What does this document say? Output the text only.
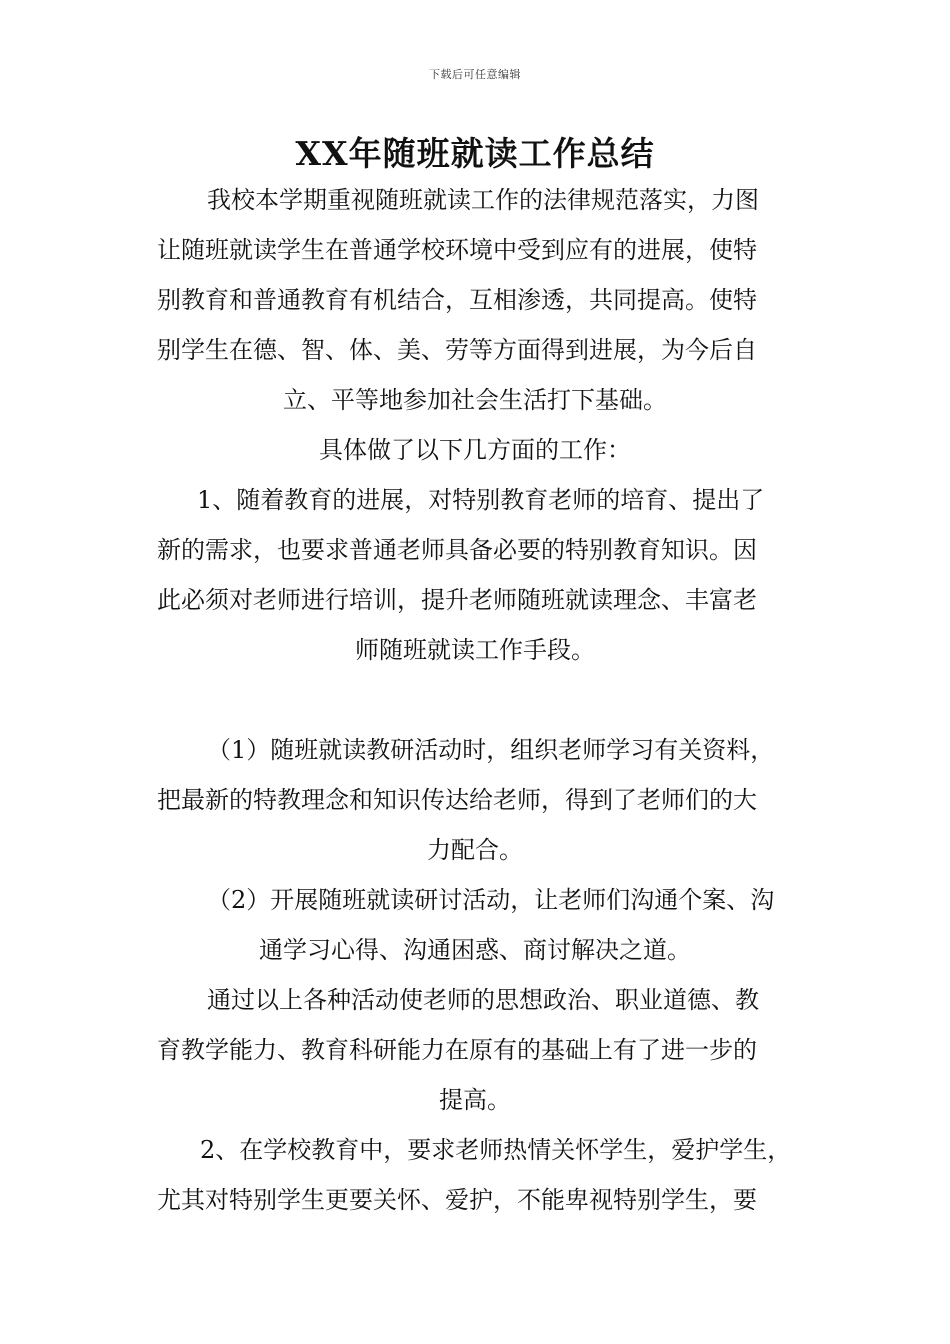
下载后可任意编辑
XX年随班就读工作总结
我校本学期重视随班就读工作的法律规范落实，力图
让随班就读学生在普通学校环境中受到应有的进展，使特
别教育和普通教育有机结合，互相渗透，共同提高。使特
别学生在德、智、体、美、劳等方面得到进展，为今后自
立、平等地参加社会生活打下基础。
具体做了以下几方面的工作：
1、随着教育的进展，对特别教育老师的培育、提出了
新的需求，也要求普通老师具备必要的特别教育知识。因
此必须对老师进行培训，提升老师随班就读理念、丰富老
师随班就读工作手段。
（1）随班就读教研活动时，组织老师学习有关资料，
把最新的特教理念和知识传达给老师，得到了老师们的大
力配合。
（2）开展随班就读研讨活动，让老师们沟通个案、沟
通学习心得、沟通困惑、商讨解决之道。
通过以上各种活动使老师的思想政治、职业道德、教
育教学能力、教育科研能力在原有的基础上有了进一步的
提高。
2、在学校教育中，要求老师热情关怀学生，爱护学生，
尤其对特别学生更要关怀、爱护，不能卑视特别学生，要
